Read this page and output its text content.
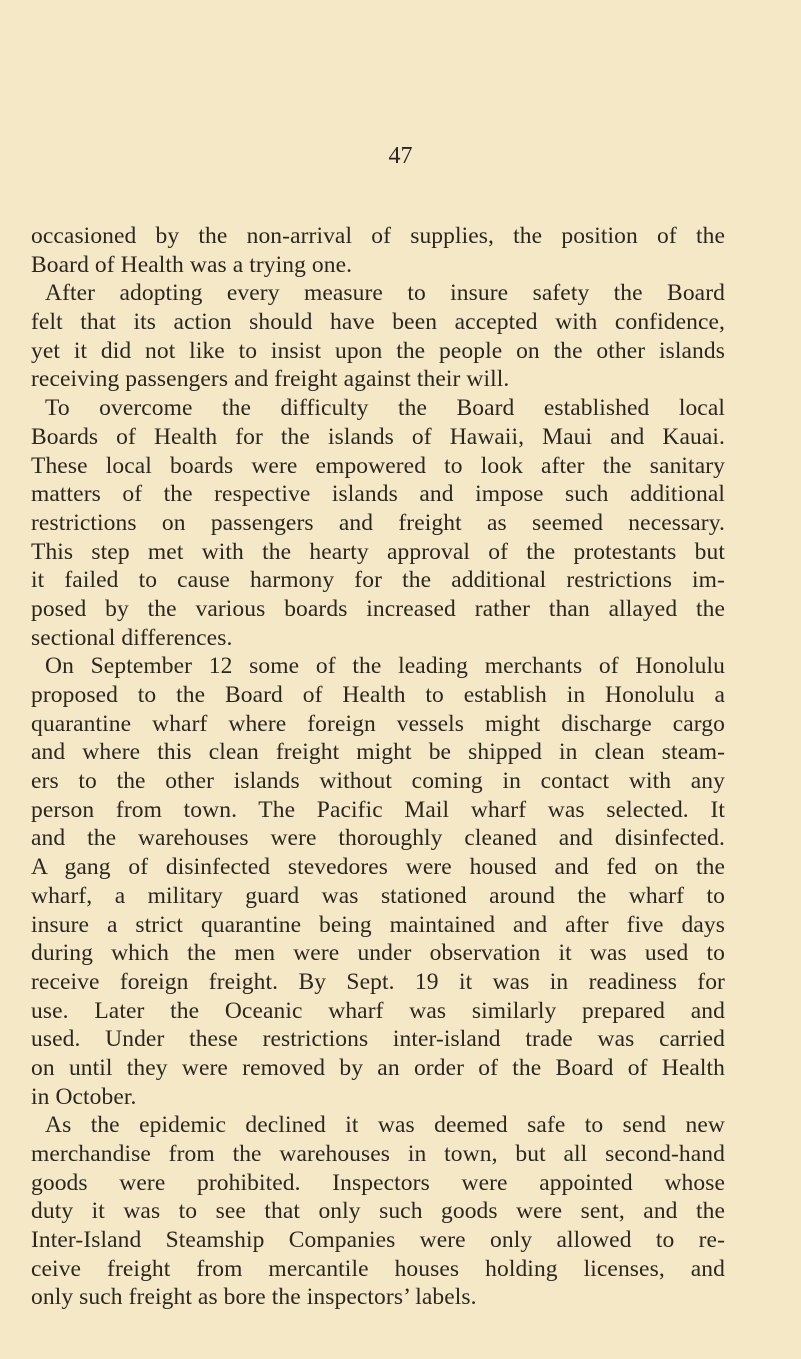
47
occasioned by the non-arrival of supplies, the position of the
Board of Health was a trying one.
After adopting every measure to insure safety the Board
felt that its action should have been accepted with confidence,
yet it did not like to insist upon the people on the other islands
receiving passengers and freight against their will.
To overcome the difficulty the Board established local
Boards of Health for the islands of Hawaii, Maui and Kauai.
These local boards were empowered to look after the sanitary
matters of the respective islands and impose such additional
restrictions on passengers and freight as seemed necessary.
This step met with the hearty approval of the protestants but
it failed to cause harmony for the additional restrictions im-
posed by the various boards increased rather than allayed the
sectional differences.
On September 12 some of the leading merchants of Honolulu
proposed to the Board of Health to establish in Honolulu a
quarantine wharf where foreign vessels might discharge cargo
and where this clean freight might be shipped in clean steam-
ers to the other islands without coming in contact with any
person from town. The Pacific Mail wharf was selected. It
and the warehouses were thoroughly cleaned and disinfected.
A gang of disinfected stevedores were housed and fed on the
wharf, a military guard was stationed around the wharf to
insure a strict quarantine being maintained and after five days
during which the men were under observation it was used to
receive foreign freight. By Sept. 19 it was in readiness for
use. Later the Oceanic wharf was similarly prepared and
used. Under these restrictions inter-island trade was carried
on until they were removed by an order of the Board of Health
in October.
As the epidemic declined it was deemed safe to send new
merchandise from the warehouses in town, but all second-hand
goods were prohibited. Inspectors were appointed whose
duty it was to see that only such goods were sent, and the
Inter-Island Steamship Companies were only allowed to re-
ceive freight from mercantile houses holding licenses, and
only such freight as bore the inspectors’ labels.
